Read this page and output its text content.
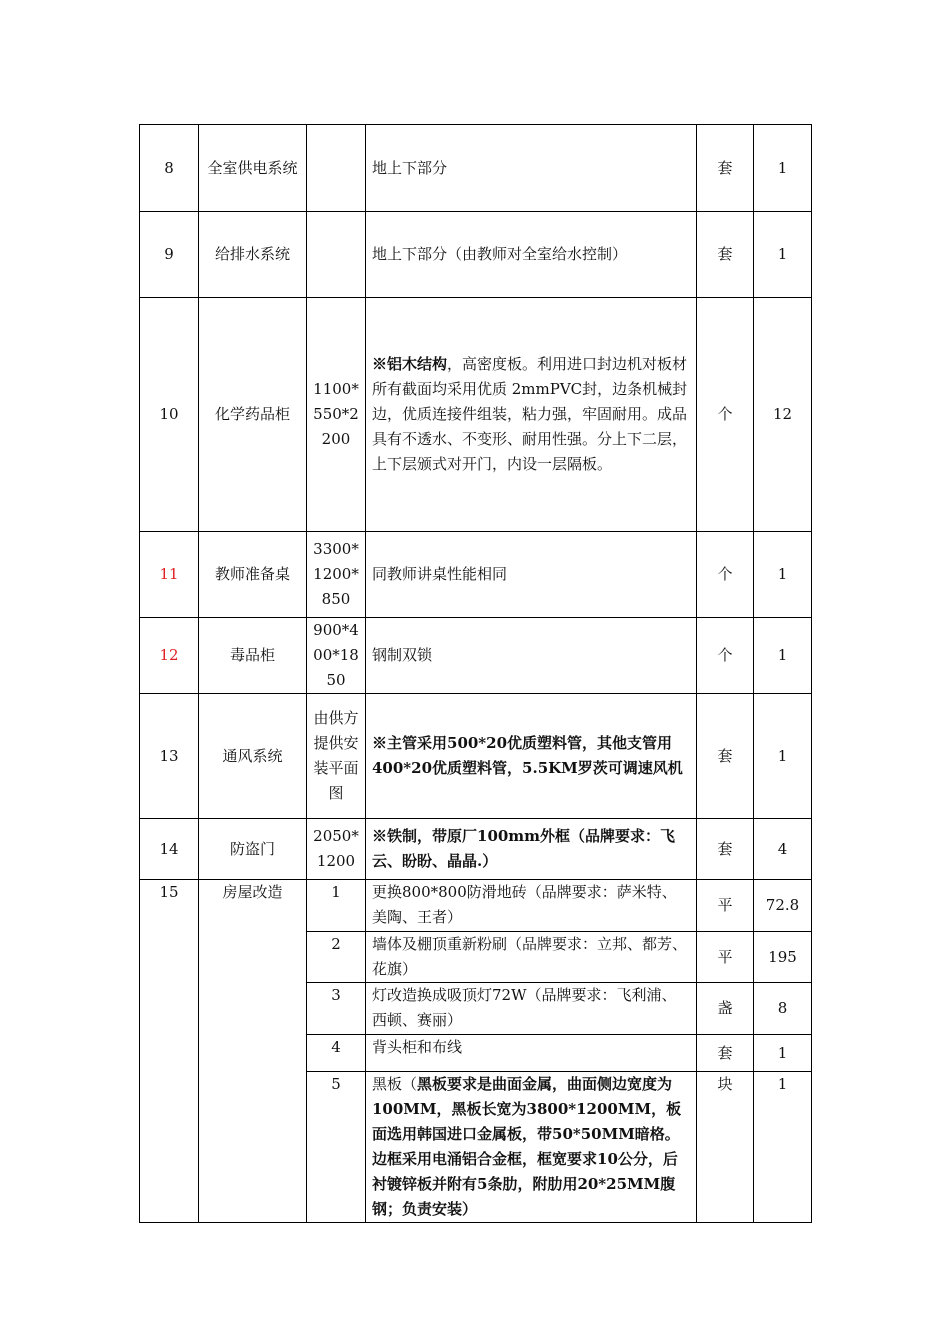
8	全室供电系统		地上下部分	套	1
9	给排水系统		地上下部分（由教师对全室给水控制）	套	1
10	化学药品柜	1100*550*2200	※铝木结构，高密度板。利用进口封边机对板材所有截面均采用优质 2mmPVC封，边条机械封边，优质连接件组装，粘力强，牢固耐用。成品具有不透水、不变形、耐用性强。分上下二层，上下层颁式对开门，内设一层隔板。	个	12
11	教师准备桌	3300*1200*850	同教师讲桌性能相同	个	1
12	毒品柜	900*400*1850	钢制双锁	个	1
13	通风系统	由供方提供安装平面图	※主管采用500*20优质塑料管，其他支管用400*20优质塑料管，5.5KM罗茨可调速风机	套	1
14	防盗门	2050*1200	※铁制，带原厂100mm外框（品牌要求：飞云、盼盼、晶晶.）	套	4
15	房屋改造	1	更换800*800防滑地砖（品牌要求：萨米特、美陶、王者）	平	72.8
		2	墙体及棚顶重新粉刷（品牌要求：立邦、都芳、花旗）	平	195
		3	灯改造换成吸顶灯72W（品牌要求：飞利浦、西顿、赛丽）	盏	8
		4	背头柜和布线	套	1
		5	黑板（黑板要求是曲面金属，曲面侧边宽度为100MM，黑板长宽为3800*1200MM，板面选用韩国进口金属板，带50*50MM暗格。边框采用电涌铝合金框，框宽要求10公分，后衬镀锌板并附有5条肋，附肋用20*25MM腹钢；负责安装）	块	1
